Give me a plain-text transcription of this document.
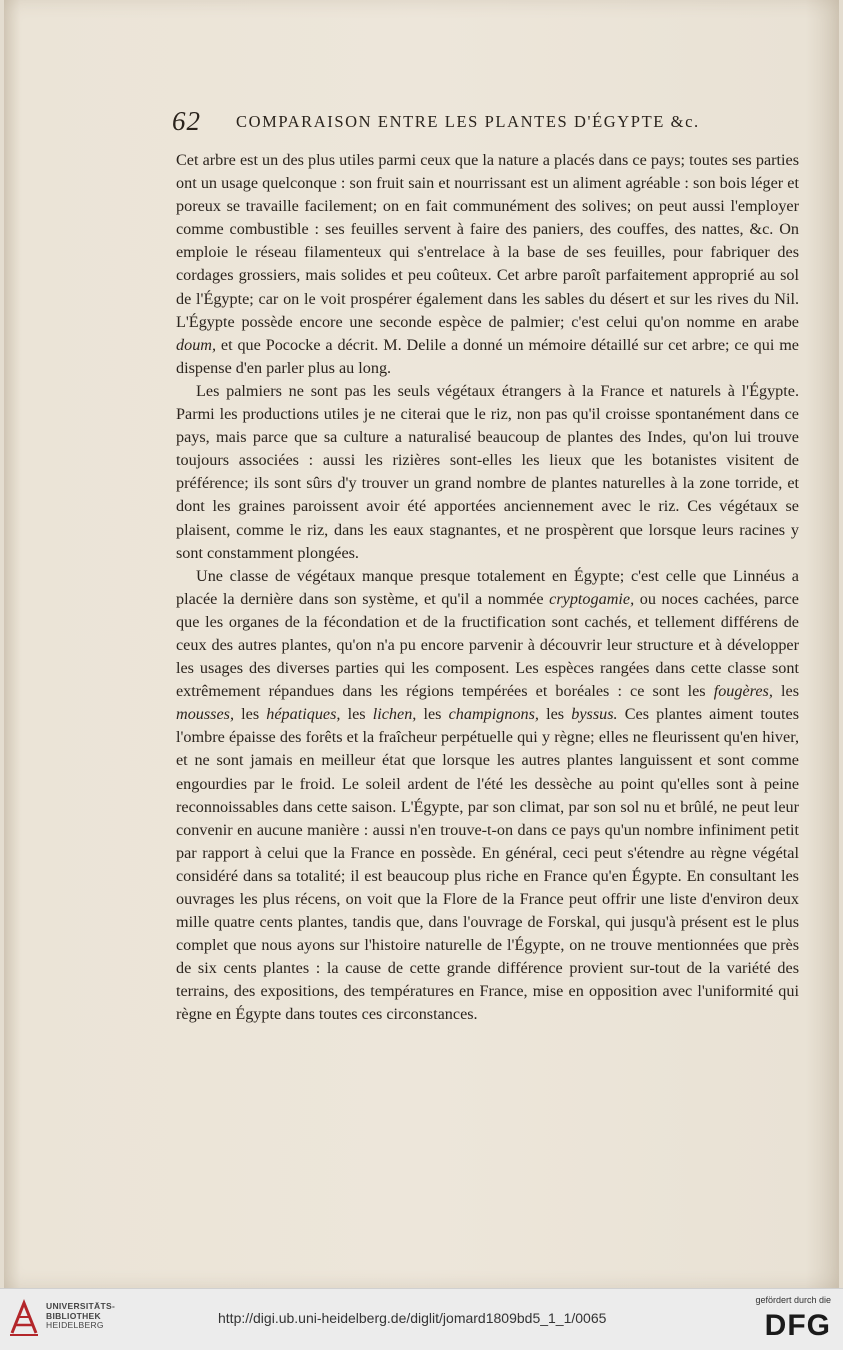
62 COMPARAISON ENTRE LES PLANTES D'ÉGYPTE &c.

Cet arbre est un des plus utiles parmi ceux que la nature a placés dans ce pays; toutes ses parties ont un usage quelconque : son fruit sain et nourrissant est un aliment agréable : son bois léger et poreux se travaille facilement; on en fait communément des solives; on peut aussi l'employer comme combustible : ses feuilles servent à faire des paniers, des couffes, des nattes, &c. On emploie le réseau filamenteux qui s'entrelace à la base de ses feuilles, pour fabriquer des cordages grossiers, mais solides et peu coûteux. Cet arbre paroît parfaitement approprié au sol de l'Égypte; car on le voit prospérer également dans les sables du désert et sur les rives du Nil. L'Égypte possède encore une seconde espèce de palmier; c'est celui qu'on nomme en arabe doum, et que Pococke a décrit. M. Delile a donné un mémoire détaillé sur cet arbre; ce qui me dispense d'en parler plus au long.

Les palmiers ne sont pas les seuls végétaux étrangers à la France et naturels à l'Égypte. Parmi les productions utiles je ne citerai que le riz, non pas qu'il croisse spontanément dans ce pays, mais parce que sa culture a naturalisé beaucoup de plantes des Indes, qu'on lui trouve toujours associées : aussi les rizières sont-elles les lieux que les botanistes visitent de préférence; ils sont sûrs d'y trouver un grand nombre de plantes naturelles à la zone torride, et dont les graines paroissent avoir été apportées anciennement avec le riz. Ces végétaux se plaisent, comme le riz, dans les eaux stagnantes, et ne prospèrent que lorsque leurs racines y sont constamment plongées.

Une classe de végétaux manque presque totalement en Égypte; c'est celle que Linnéus a placée la dernière dans son système, et qu'il a nommée cryptogamie, ou noces cachées, parce que les organes de la fécondation et de la fructification sont cachés, et tellement différens de ceux des autres plantes, qu'on n'a pu encore parvenir à découvrir leur structure et à développer les usages des diverses parties qui les composent. Les espèces rangées dans cette classe sont extrêmement répandues dans les régions tempérées et boréales : ce sont les fougères, les mousses, les hépatiques, les lichen, les champignons, les byssus. Ces plantes aiment toutes l'ombre épaisse des forêts et la fraîcheur perpétuelle qui y règne; elles ne fleurissent qu'en hiver, et ne sont jamais en meilleur état que lorsque les autres plantes languissent et sont comme engourdies par le froid. Le soleil ardent de l'été les dessèche au point qu'elles sont à peine reconnoissables dans cette saison. L'Égypte, par son climat, par son sol nu et brûlé, ne peut leur convenir en aucune manière : aussi n'en trouve-t-on dans ce pays qu'un nombre infiniment petit par rapport à celui que la France en possède. En général, ceci peut s'étendre au règne végétal considéré dans sa totalité; il est beaucoup plus riche en France qu'en Égypte. En consultant les ouvrages les plus récens, on voit que la Flore de la France peut offrir une liste d'environ deux mille quatre cents plantes, tandis que, dans l'ouvrage de Forskal, qui jusqu'à présent est le plus complet que nous ayons sur l'histoire naturelle de l'Égypte, on ne trouve mentionnées que près de six cents plantes : la cause de cette grande différence provient sur-tout de la variété des terrains, des expositions, des températures en France, mise en opposition avec l'uniformité qui règne en Égypte dans toutes ces circonstances.

UNIVERSITÄTS-
BIBLIOTHEK
HEIDELBERG	http://digi.ub.uni-heidelberg.de/diglit/jomard1809bd5_1_1/0065
gefördert durch die
DFG
